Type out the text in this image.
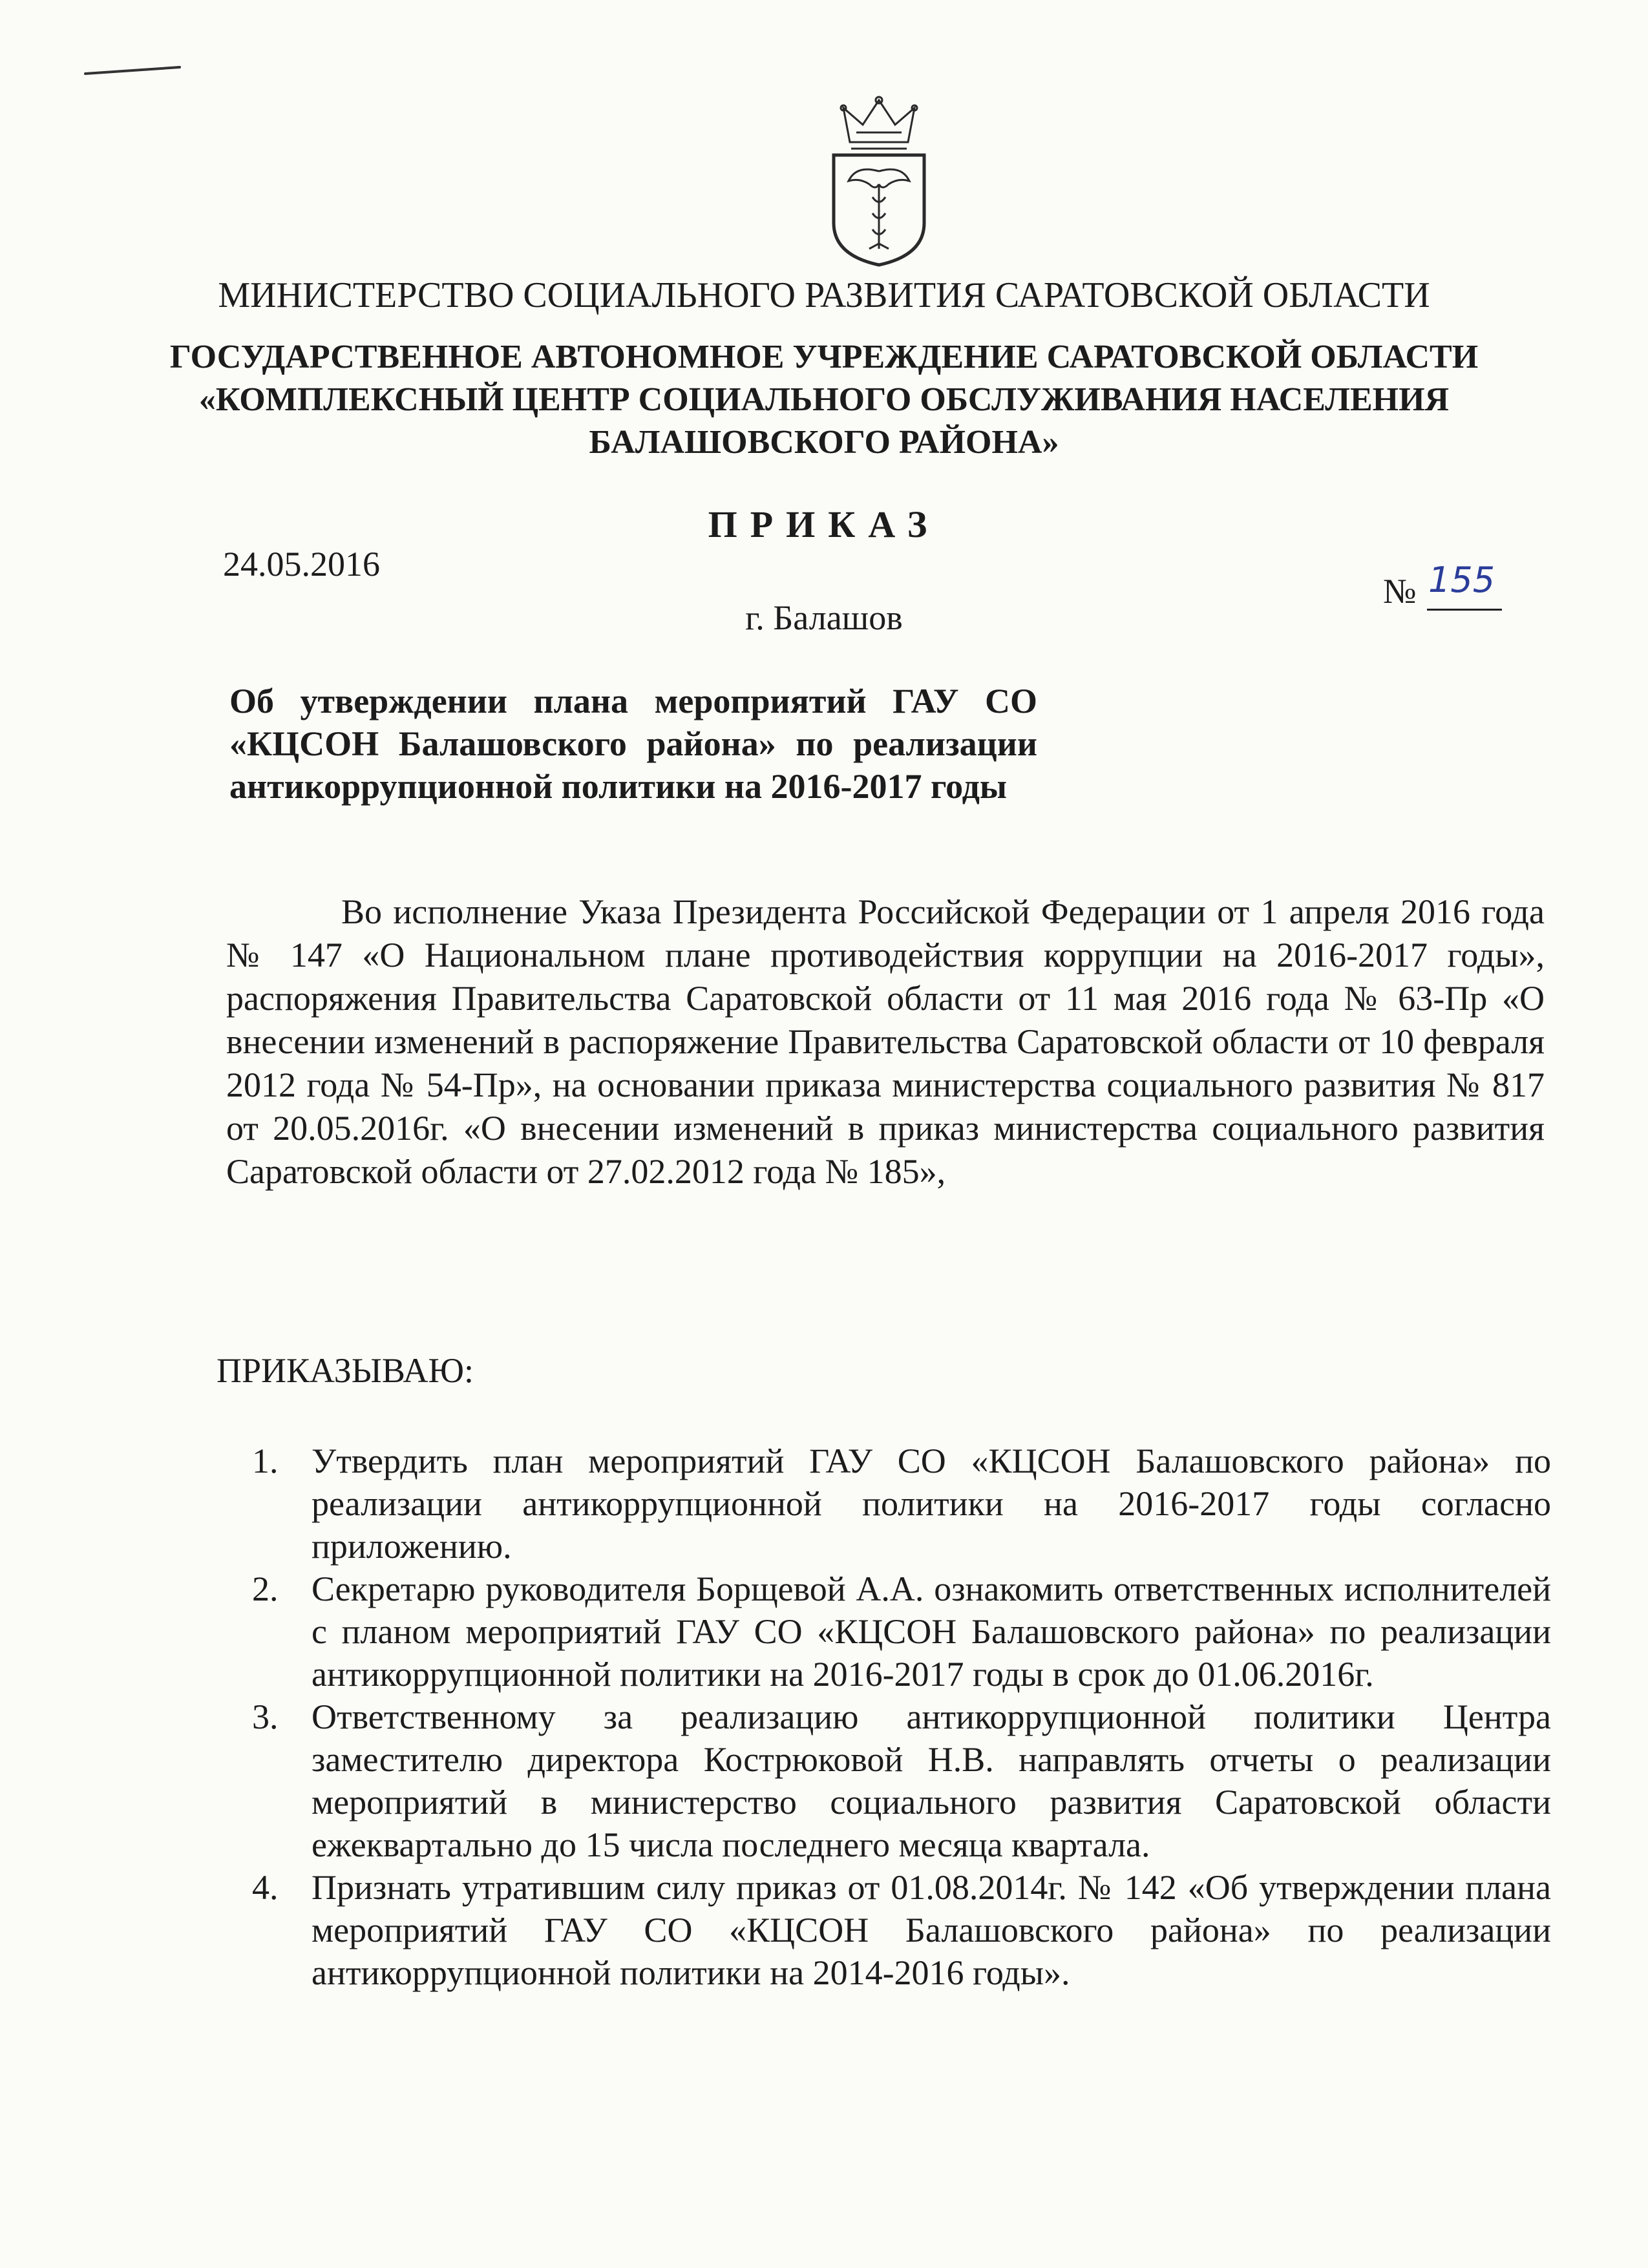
МИНИСТЕРСТВО СОЦИАЛЬНОГО РАЗВИТИЯ САРАТОВСКОЙ ОБЛАСТИ
ГОСУДАРСТВЕННОЕ АВТОНОМНОЕ УЧРЕЖДЕНИЕ САРАТОВСКОЙ ОБЛАСТИ
«КОМПЛЕКСНЫЙ ЦЕНТР СОЦИАЛЬНОГО ОБСЛУЖИВАНИЯ НАСЕЛЕНИЯ
БАЛАШОВСКОГО РАЙОНА»
ПРИКАЗ
24.05.2016
№ 155
г. Балашов
Об утверждении плана мероприятий ГАУ СО «КЦСОН Балашовского района» по реализации антикоррупционной политики на 2016-2017 годы
Во исполнение Указа Президента Российской Федерации от 1 апреля 2016 года № 147 «О Национальном плане противодействия коррупции на 2016-2017 годы», распоряжения Правительства Саратовской области от 11 мая 2016 года № 63-Пр «О внесении изменений в распоряжение Правительства Саратовской области от 10 февраля 2012 года № 54-Пр», на основании приказа министерства социального развития № 817 от 20.05.2016г. «О внесении изменений в приказ министерства социального развития Саратовской области от 27.02.2012 года № 185»,
ПРИКАЗЫВАЮ:
1. Утвердить план мероприятий ГАУ СО «КЦСОН Балашовского района» по реализации антикоррупционной политики на 2016-2017 годы согласно приложению.
2. Секретарю руководителя Борщевой А.А. ознакомить ответственных исполнителей с планом мероприятий ГАУ СО «КЦСОН Балашовского района» по реализации антикоррупционной политики на 2016-2017 годы в срок до 01.06.2016г.
3. Ответственному за реализацию антикоррупционной политики Центра заместителю директора Кострюковой Н.В. направлять отчеты о реализации мероприятий в министерство социального развития Саратовской области ежеквартально до 15 числа последнего месяца квартала.
4. Признать утратившим силу приказ от 01.08.2014г. № 142 «Об утверждении плана мероприятий ГАУ СО «КЦСОН Балашовского района» по реализации антикоррупционной политики на 2014-2016 годы».
